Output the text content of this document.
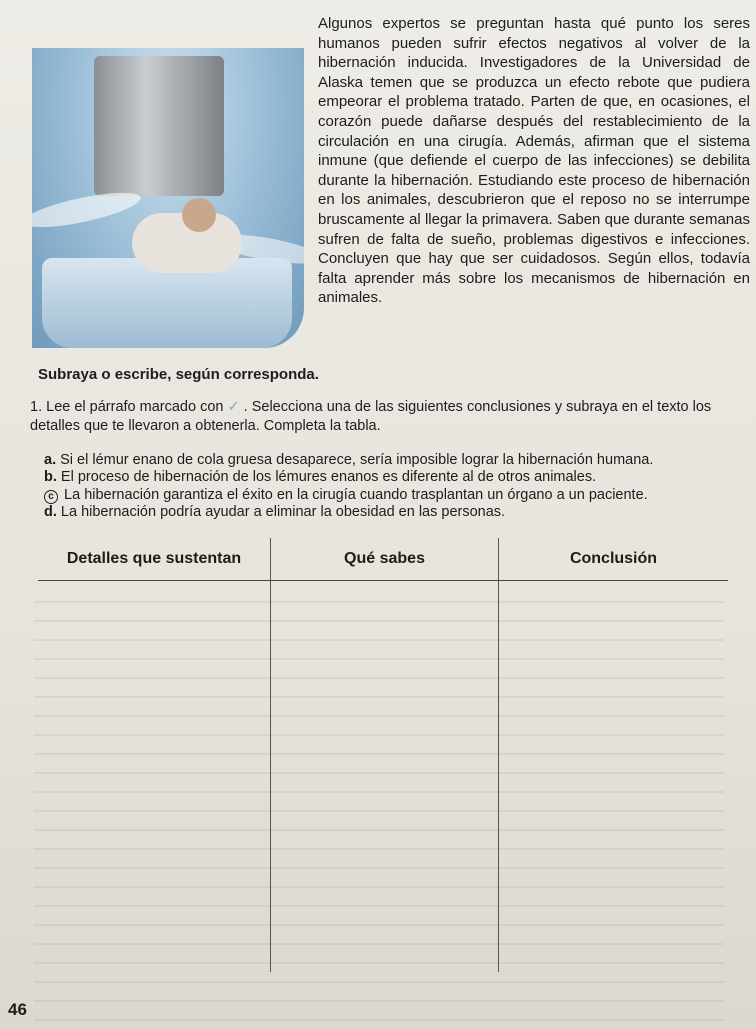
Algunos expertos se preguntan hasta qué punto los seres humanos pueden sufrir efectos negativos al volver de la hibernación inducida. Investigadores de la Universidad de Alaska temen que se produzca un efecto rebote que pudiera empeorar el problema tratado. Parten de que, en ocasiones, el corazón puede dañarse después del restablecimiento de la circulación en una cirugía. Además, afirman que el sistema inmune (que defiende el cuerpo de las infecciones) se debilita durante la hibernación. Estudiando este proceso de hibernación en los animales, descubrieron que el reposo no se interrumpe bruscamente al llegar la primavera. Saben que durante semanas sufren de falta de sueño, problemas digestivos e infecciones. Concluyen que hay que ser cuidadosos. Según ellos, todavía falta aprender más sobre los mecanismos de hibernación en animales.
Subraya o escribe, según corresponda.
1. Lee el párrafo marcado con ✓ . Selecciona una de las siguientes conclusiones y subraya en el texto los detalles que te llevaron a obtenerla. Completa la tabla.
a. Si el lémur enano de cola gruesa desaparece, sería imposible lograr la hibernación humana.
b. El proceso de hibernación de los lémures enanos es diferente al de otros animales.
c La hibernación garantiza el éxito en la cirugía cuando trasplantan un órgano a un paciente.
d. La hibernación podría ayudar a eliminar la obesidad en las personas.
Detalles que sustentan	Qué sabes	Conclusión

46
